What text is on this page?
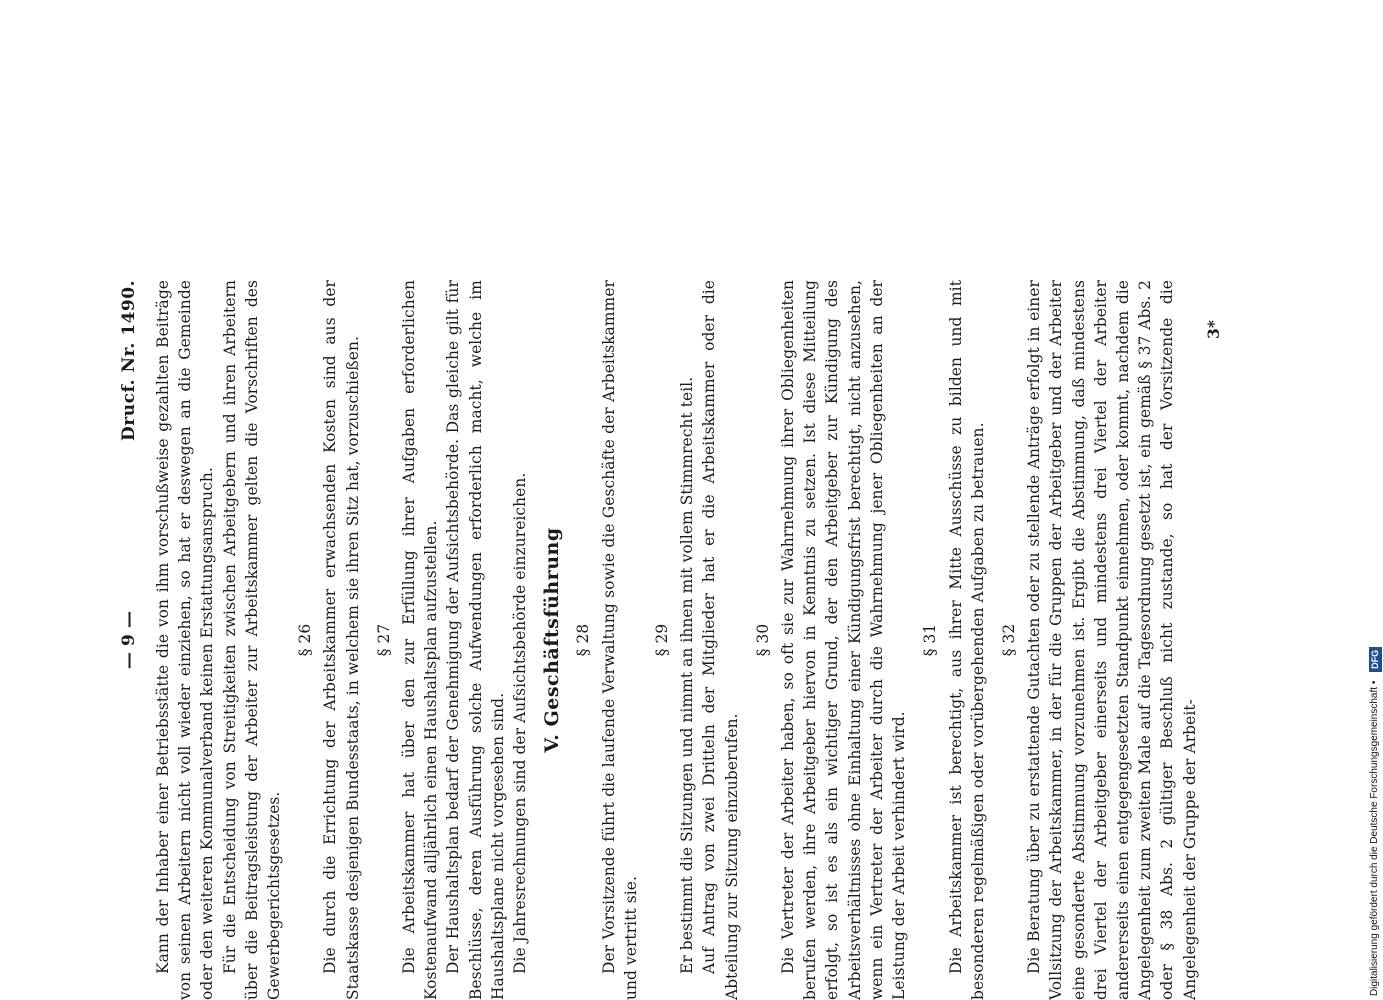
— 9 —
Drucf. Nr. 1490. Kann der Inhaber einer Betriebsstätte die von ihm vorschußweise gezahlten Beiträge von seinen Arbeitern nicht voll wieder einziehen, so hat er deswegen an die Gemeinde oder den weiteren Kommunalverband keinen Erstattungsanspruch. Für die Entscheidung von Streitigkeiten zwischen Arbeitgebern und ihren Arbeitern über die Beitragsleistung der Arbeiter zur Arbeitskammer gelten die Vorschriften des Gewerbegerichtsgesetzes.

§ 26 Die durch die Errichtung der Arbeitskammer erwachsenden Kosten sind aus der Staatskasse desjenigen Bundesstaats, in welchem sie ihren Sitz hat, vorzuschießen. § 27 Die Arbeitskammer hat über den zur Erfüllung ihrer Aufgaben erforderlichen Kostenaufwand alljährlich einen Haushaltsplan aufzustellen. Der Haushaltsplan bedarf der Genehmigung der Aufsichtsbehörde. Das gleiche gilt für Beschlüsse, deren Ausführung solche Aufwendungen erforderlich macht, welche im Haushaltsplane nicht vorgesehen sind. Die Jahresrechnungen sind der Aufsichtsbehörde einzureichen. V. Geschäftsführung § 28 Der Vorsitzende führt die laufende Verwaltung sowie die Geschäfte der Arbeitskammer und vertritt sie.

§ 29 Er bestimmt die Sitzungen und nimmt an ihnen mit vollem Stimmrecht teil. Auf Antrag von zwei Dritteln der Mitglieder hat er die Arbeitskammer oder die Abteilung zur Sitzung einzuberufen.

§ 30 Die Vertreter der Arbeiter haben, so oft sie zur Wahrnehmung ihrer Obliegenheiten berufen werden, ihre Arbeitgeber hiervon in Kenntnis zu setzen. Ist diese Mitteilung erfolgt, so ist es als ein wichtiger Grund, der den Arbeitgeber zur Kündigung des Arbeitsverhältnisses ohne Einhaltung einer Kündigungsfrist berechtigt, nicht anzusehen, wenn ein Vertreter der Arbeiter durch die Wahrnehmung jener Obliegenheiten an der Leistung der Arbeit verhindert wird.

§ 31 Die Arbeitskammer ist berechtigt, aus ihrer Mitte Ausschüsse zu bilden und mit besonderen regelmäßigen oder vorübergehenden Aufgaben zu betrauen. § 32 Die Beratung über zu erstattende Gutachten oder zu stellende Anträge erfolgt in einer Vollsitzung der Arbeitskammer, in der für die Gruppen der Arbeitgeber und der Arbeiter eine gesonderte Abstimmung vorzunehmen ist. Ergibt die Abstimmung, daß mindestens drei Viertel der Arbeitgeber einerseits und mindestens drei Viertel der Arbeiter andererseits einen entgegengesetzten Standpunkt einnehmen, oder kommt, nachdem die Angelegenheit zum zweiten Male auf die Tagesordnung gesetzt ist, ein gemäß § 37 Abs. 2 oder § 38 Abs. 2 gültiger Beschluß nicht zustande, so hat der Vorsitzende die Angelegenheit der Gruppe der Arbeit-

3*
Digitalisierung gefördert durch die Deutsche Forschungsgemeinschaft • DFG
